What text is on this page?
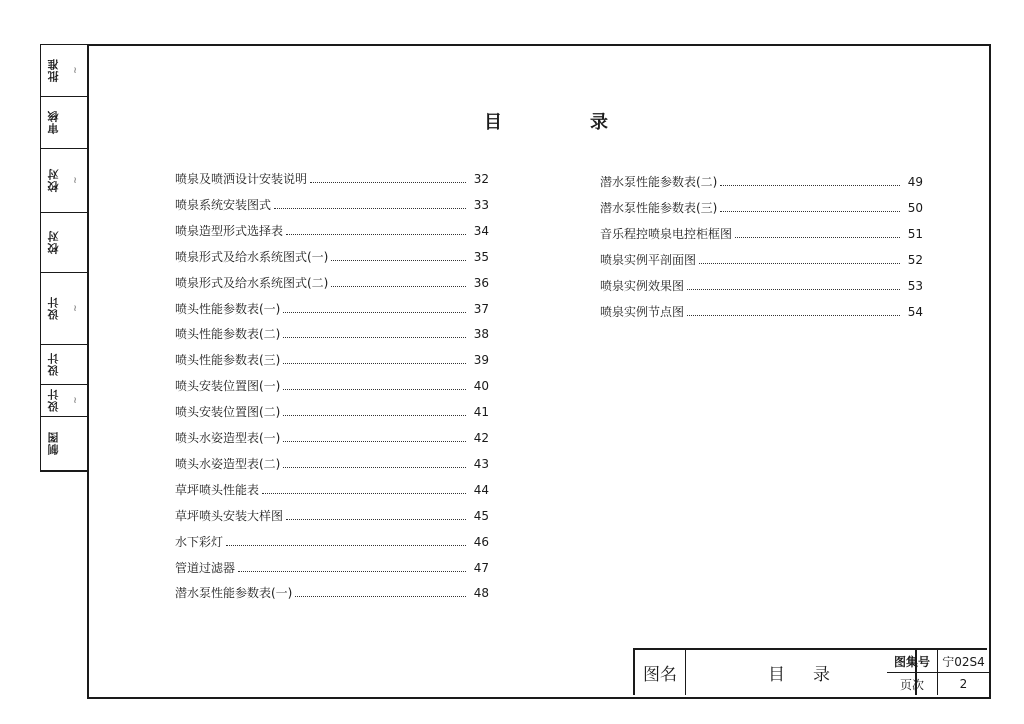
批准	~
审核
校对	~
校对
设计	~
设计
设计	~
制图
目	录
喷泉及喷洒设计安装说明	32
喷泉系统安装图式	33
喷泉造型形式选择表	34
喷泉形式及给水系统图式(一)	35
喷泉形式及给水系统图式(二)	36
喷头性能参数表(一)	37
喷头性能参数表(二)	38
喷头性能参数表(三)	39
喷头安装位置图(一)	40
喷头安装位置图(二)	41
喷头水姿造型表(一)	42
喷头水姿造型表(二)	43
草坪喷头性能表	44
草坪喷头安装大样图	45
水下彩灯	46
管道过滤器	47
潜水泵性能参数表(一)	48
潜水泵性能参数表(二)	49
潜水泵性能参数表(三)	50
音乐程控喷泉电控柜框图	51
喷泉实例平剖面图	52
喷泉实例效果图	53
喷泉实例节点图	54
图名	目 录
图集号	宁02S4
页次	2
